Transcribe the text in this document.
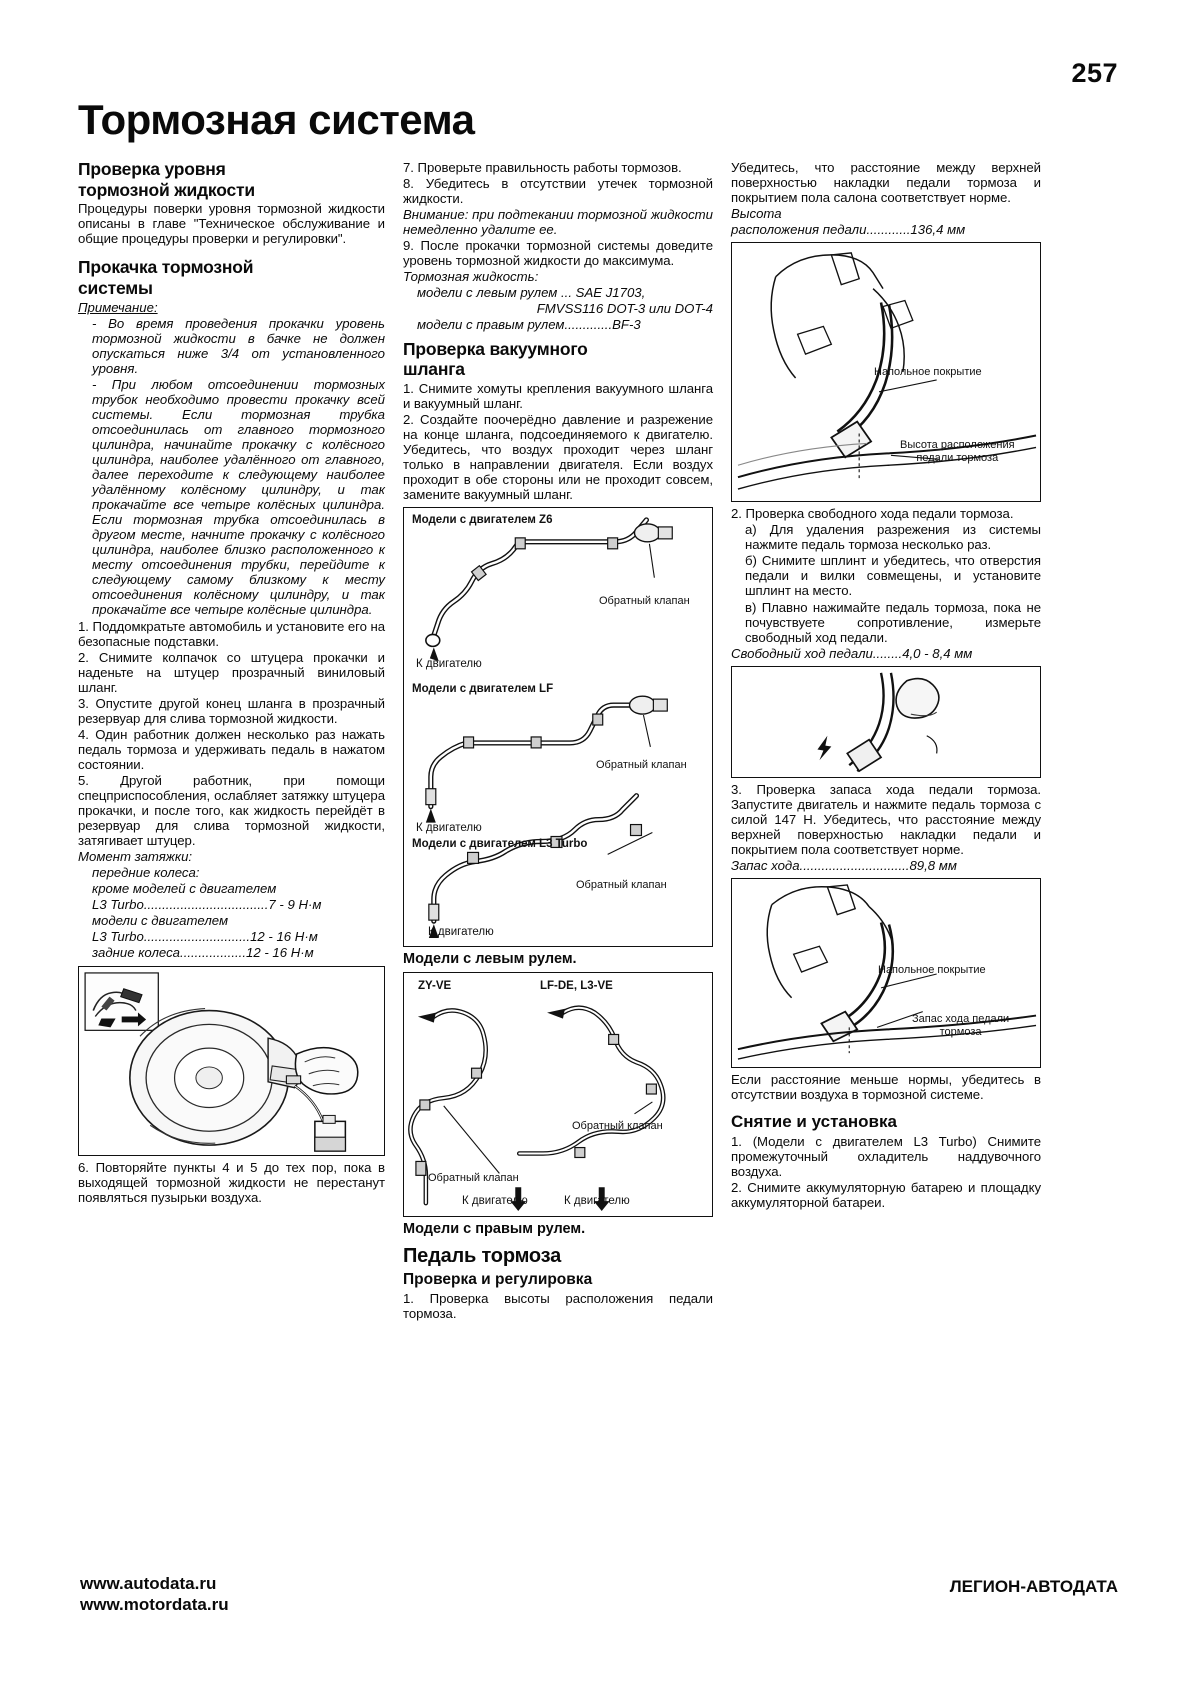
257
Тормозная система
Проверка уровня
тормозной жидкости

Процедуры поверки уровня тормозной жидкости описаны в главе "Техническое обслуживание и общие процедуры проверки и регулировки".

Прокачка тормозной
системы

Примечание:

- Во время проведения прокачки уровень тормозной жидкости в бачке не должен опускаться ниже 3/4 от установленного уровня.

- При любом отсоединении тормозных трубок необходимо провести прокачку всей системы. Если тормозная трубка отсоединилась от главного тормозного цилиндра, начинайте прокачку с колёсного цилиндра, наиболее удалённого от главного, далее переходите к следующему наиболее удалённому колёсному цилиндру, и так прокачайте все четыре колёсных цилиндра. Если тормозная трубка отсоединилась в другом месте, начните прокачку с колёсного цилиндра, наиболее близко расположенного к месту отсоединения трубки, перейдите к следующему самому близкому к месту отсоединения колёсному цилиндру, и так прокачайте все четыре колёсные цилиндра.

1. Поддомкратьте автомобиль и установите его на безопасные подставки.

2. Снимите колпачок со штуцера прокачки и наденьте на штуцер прозрачный виниловый шланг.

3. Опустите другой конец шланга в прозрачный резервуар для слива тормозной жидкости.

4. Один работник должен несколько раз нажать педаль тормоза и удерживать педаль в нажатом состоянии.

5. Другой работник, при помощи спецприспособления, ослабляет затяжку штуцера прокачки, и после того, как жидкость перейдёт в резервуар для слива тормозной жидкости, затягивает штуцер.

Момент затяжки:

передние колеса:

кроме моделей с двигателем

L3 Turbo..................................7 - 9 Н·м

модели с двигателем

L3 Turbo.............................12 - 16 Н·м

задние колеса..................12 - 16 Н·м

6. Повторяйте пункты 4 и 5 до тех пор, пока в выходящей тормозной жидкости не перестанут появляться пузырьки воздуха.

7. Проверьте правильность работы тормозов.

8. Убедитесь в отсутствии утечек тормозной жидкости.

Внимание: при подтекании тормозной жидкости немедленно удалите ее.

9. После прокачки тормозной системы доведите уровень тормозной жидкости до максимума.

Тормозная жидкость:

модели с левым рулем ... SAE J1703,

FMVSS116 DOT-3 или DOT-4

модели с правым рулем.............BF-3

Проверка вакуумного
шланга

1. Снимите хомуты крепления вакуумного шланга и вакуумный шланг.

2. Создайте поочерёдно давление и разрежение на конце шланга, подсоединяемого к двигателю. Убедитесь, что воздух проходит через шланг только в направлении двигателя. Если воздух проходит в обе стороны или не проходит совсем, замените вакуумный шланг.

Модели с двигателем Z6
Обратный клапан
К двигателю
Модели с двигателем LF
Обратный клапан
К двигателю
Модели с двигателем L3 Turbo
Обратный клапан
К двигателю
Модели с левым рулем.
ZY-VE	LF-DE, L3-VE
Обратный клапан
Обратный клапан
К двигателю	К двигателю
Модели с правым рулем.
Педаль тормоза
Проверка и регулировка

1. Проверка высоты расположения педали тормоза.

Убедитесь, что расстояние между верхней поверхностью накладки педали тормоза и покрытием пола салона соответствует норме.

Высота

расположения педали............136,4 мм

Напольное покрытие
Высота расположения
педали тормоза

2. Проверка свободного хода педали тормоза.

а) Для удаления разрежения из системы нажмите педаль тормоза несколько раз.

б) Снимите шплинт и убедитесь, что отверстия педали и вилки совмещены, и установите шплинт на место.

в) Плавно нажимайте педаль тормоза, пока не почувствуете сопротивление, измерьте свободный ход педали.

Свободный ход педали........4,0 - 8,4 мм

3. Проверка запаса хода педали тормоза. Запустите двигатель и нажмите педаль тормоза с силой 147 Н. Убедитесь, что расстояние между верхней поверхностью накладки педали и покрытием пола соответствует норме.

Запас хода..............................89,8 мм

Напольное покрытие
Запас хода педали
тормоза

Если расстояние меньше нормы, убедитесь в отсутствии воздуха в тормозной системе.

Снятие и установка

1. (Модели с двигателем L3 Turbo) Снимите промежуточный охладитель наддувочного воздуха.

2. Снимите аккумуляторную батарею и площадку аккумуляторной батареи.

www.autodata.ru
www.motordata.ru
ЛЕГИОН-АВТОДАТА
